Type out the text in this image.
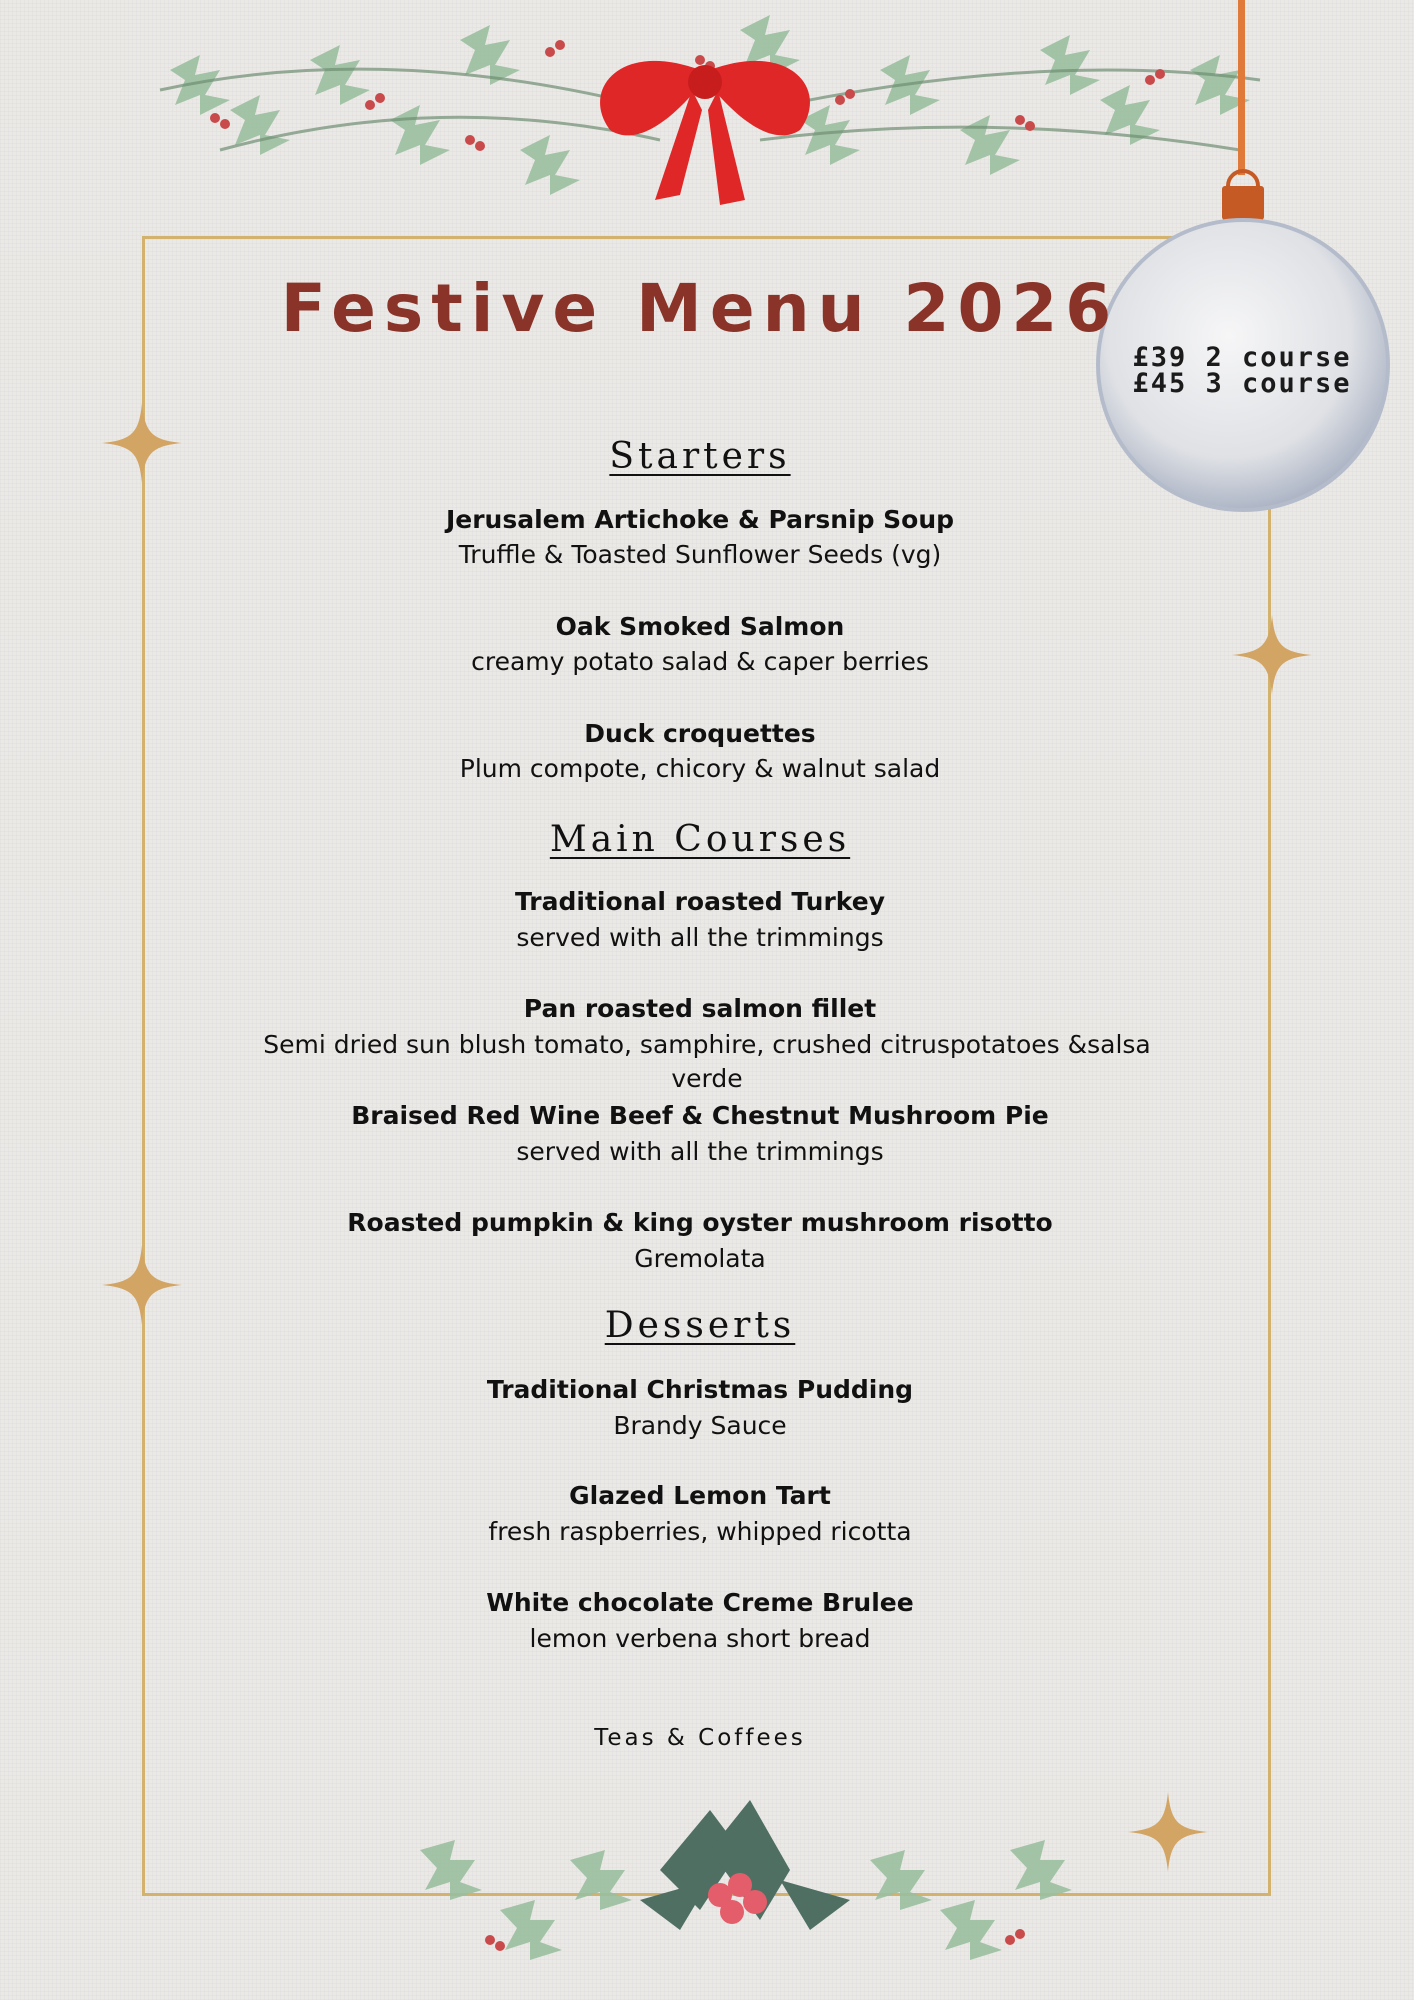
£39 2 course
£45 3 course
Festive Menu 2026
Starters
Jerusalem Artichoke & Parsnip Soup
Truffle & Toasted Sunflower Seeds (vg)
Oak Smoked Salmon
creamy potato salad & caper berries
Duck croquettes
Plum compote, chicory & walnut salad
Main Courses
Traditional roasted Turkey
served with all the trimmings
Pan roasted salmon fillet
Semi dried sun blush tomato, samphire, crushed citruspotatoes &salsa verde
Braised Red Wine Beef & Chestnut Mushroom Pie
served with all the trimmings
Roasted pumpkin & king oyster mushroom risotto
Gremolata
Desserts
Traditional Christmas Pudding
Brandy Sauce
Glazed Lemon Tart
fresh raspberries, whipped ricotta
White chocolate Creme Brulee
lemon verbena short bread
Teas & Coffees
